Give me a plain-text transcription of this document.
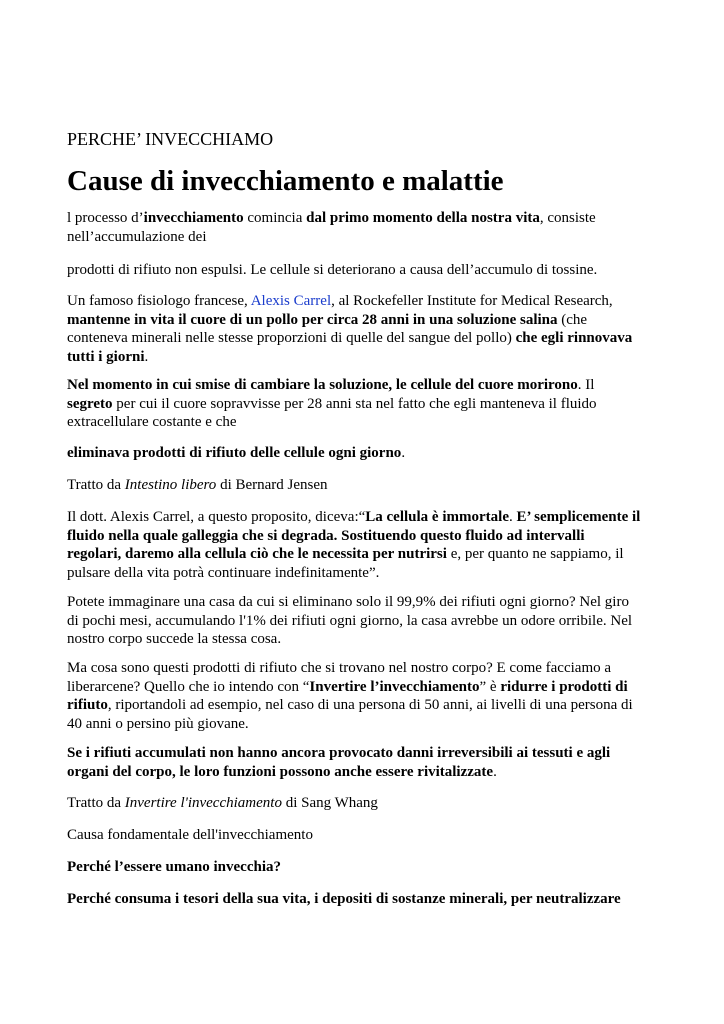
PERCHE’ INVECCHIAMO
Cause di invecchiamento e malattie

l processo d’invecchiamento comincia dal primo momento della nostra vita, consiste
nell’accumulazione dei

prodotti di rifiuto non espulsi. Le cellule si deteriorano a causa dell’accumulo di tossine.

Un famoso fisiologo francese, Alexis Carrel, al Rockefeller Institute for Medical Research,
mantenne in vita il cuore di un pollo per circa 28 anni in una soluzione salina (che
conteneva minerali nelle stesse proporzioni di quelle del sangue del pollo) che egli rinnovava
tutti i giorni.

Nel momento in cui smise di cambiare la soluzione, le cellule del cuore morirono. Il
segreto per cui il cuore sopravvisse per 28 anni sta nel fatto che egli manteneva il fluido
extracellulare costante e che

eliminava prodotti di rifiuto delle cellule ogni giorno.

Tratto da Intestino libero di Bernard Jensen

Il dott. Alexis Carrel, a questo proposito, diceva:“La cellula è immortale. E’ semplicemente il
fluido nella quale galleggia che si degrada. Sostituendo questo fluido ad intervalli
regolari, daremo alla cellula ciò che le necessita per nutrirsi e, per quanto ne sappiamo, il
pulsare della vita potrà continuare indefinitamente”.

Potete immaginare una casa da cui si eliminano solo il 99,9% dei rifiuti ogni giorno? Nel giro
di pochi mesi, accumulando l'1% dei rifiuti ogni giorno, la casa avrebbe un odore orribile. Nel
nostro corpo succede la stessa cosa.

Ma cosa sono questi prodotti di rifiuto che si trovano nel nostro corpo? E come facciamo a
liberarcene? Quello che io intendo con “Invertire l’invecchiamento” è ridurre i prodotti di
rifiuto, riportandoli ad esempio, nel caso di una persona di 50 anni, ai livelli di una persona di
40 anni o persino più giovane.

Se i rifiuti accumulati non hanno ancora provocato danni irreversibili ai tessuti e agli
organi del corpo, le loro funzioni possono anche essere rivitalizzate.

Tratto da Invertire l'invecchiamento di Sang Whang

Causa fondamentale dell'invecchiamento

Perché l’essere umano invecchia?

Perché consuma i tesori della sua vita, i depositi di sostanze minerali, per neutralizzare
